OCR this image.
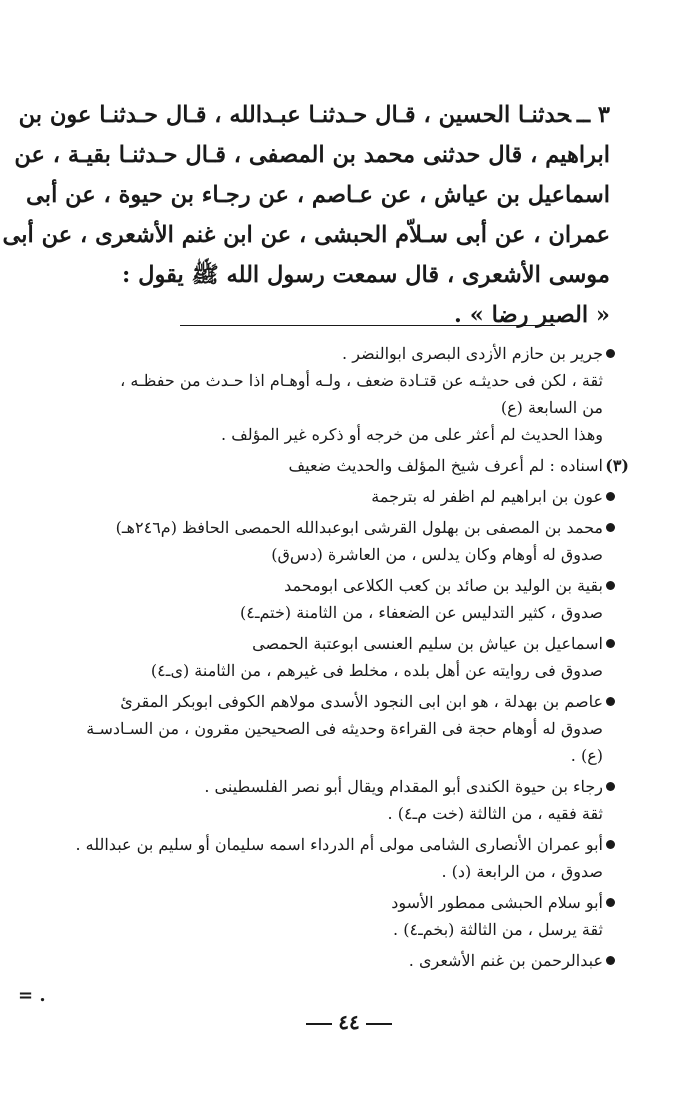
٣ ــحدثنـا الحسين ، قـال حـدثنـا عبـدالله ، قـال حـدثنـا عون بن
ابراهيم ، قال حدثنى محمد بن المصفى ، قـال حـدثنـا بقيـة ، عن
اسماعيل بن عياش ، عن عـاصم ، عن رجـاء بن حيوة ، عن أبى
عمران ، عن أبى سـلاّم الحبشى ، عن ابن غنم الأشعرى ، عن أبى
موسى الأشعرى ، قال سمعت رسول الله ﷺ يقول :
« الصبر رضا » .
جرير بن حازم الأزدى البصرى ابوالنضر .
ثقة ، لكن فى حديثـه عن قتـادة ضعف ، ولـه أوهـام اذا حـدث من حفظـه ،
من السابعة (ع)
وهذا الحديث لم أعثر على من خرجه أو ذكره غير المؤلف .
(٣)
اسناده : لم أعرف شيخ المؤلف والحديث ضعيف
عون بن ابراهيم لم اظفر له بترجمة
محمد بن المصفى بن بهلول القرشى ابوعبدالله الحمصى الحافظ (م٢٤٦هـ)
صدوق له أوهام وكان يدلس ، من العاشرة (دس‌ق)
بقية بن الوليد بن صائد بن كعب الكلاعى ابومحمد
صدوق ، كثير التدليس عن الضعفاء ، من الثامنة (ختم‌ـ٤)
اسماعيل بن عياش بن سليم العنسى ابوعتبة الحمصى
صدوق فى روايته عن أهل بلده ، مخلط فى غيرهم ، من الثامنة (ى‌ـ٤)
عاصم بن بهدلة ، هو ابن ابى النجود الأسدى مولاهم الكوفى ابوبكر المقرئ
صدوق له أوهام حجة فى القراءة وحديثه فى الصحيحين مقرون ، من السـادسـة
(ع) .
رجاء بن حيوة الكندى أبو المقدام ويقال أبو نصر الفلسطينى .
ثقة فقيه ، من الثالثة (خت م‌ـ٤) .
أبو عمران الأنصارى الشامى مولى أم الدرداء اسمه سليمان أو سليم بن عبدالله .
صدوق ، من الرابعة (د) .
أبو سلام الحبشى ممطور الأسود
ثقة يرسل ، من الثالثة (بخم‌ـ٤) .
عبدالرحمن بن غنم الأشعرى .
= .
٤٤
